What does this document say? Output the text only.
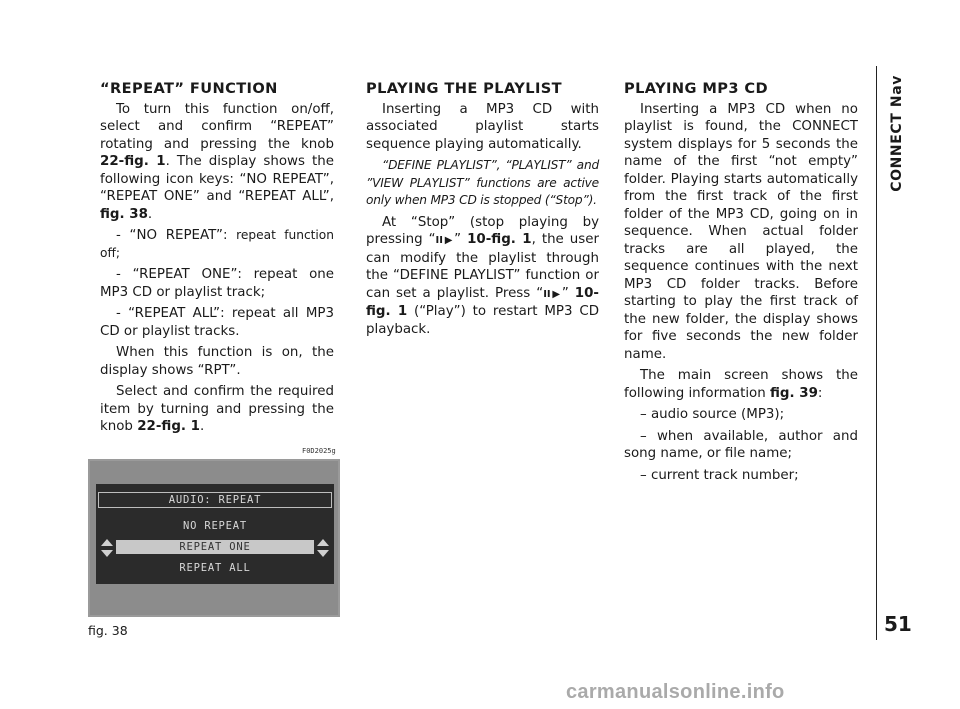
“REPEAT” FUNCTION

To turn this function on/off, select and confirm “REPEAT” rotating and pressing the knob 22-fig. 1. The display shows the following icon keys: “NO REPEAT”, “REPEAT ONE” and “REPEAT ALL”, fig. 38.

- “NO REPEAT”: repeat function off;

- “REPEAT ONE”: repeat one MP3 CD or playlist track;

- “REPEAT ALL”: repeat all MP3 CD or playlist tracks.

When this function is on, the display shows “RPT”.

Select and confirm the required item by turning and pressing the knob 22-fig. 1.

PLAYING THE PLAYLIST

Inserting a MP3 CD with associated playlist starts sequence playing automatically.

“DEFINE PLAYLIST”, “PLAYLIST” and ”VIEW PLAYLIST” functions are active only when MP3 CD is stopped (“Stop”).

At “Stop” (stop playing by pressing “II▶” 10-fig. 1, the user can modify the playlist through the “DEFINE PLAYLIST” function or can set a playlist. Press “II▶” 10-fig. 1 (“Play”) to restart MP3 CD playback.

PLAYING MP3 CD

Inserting a MP3 CD when no playlist is found, the CONNECT system displays for 5 seconds the name of the first “not empty” folder. Playing starts automatically from the first track of the first folder of the MP3 CD, going on in sequence. When actual folder tracks are all played, the sequence continues with the next MP3 CD folder tracks. Before starting to play the first track of the new folder, the display shows for five seconds the new folder name.

The main screen shows the following information fig. 39:

– audio source (MP3);

– when available, author and song name, or file name;

– current track number;

CONNECT Nav
51
F0D2025g
AUDIO: REPEAT
NO REPEAT
REPEAT ONE
REPEAT ALL
fig. 38
carmanualsonline.info
